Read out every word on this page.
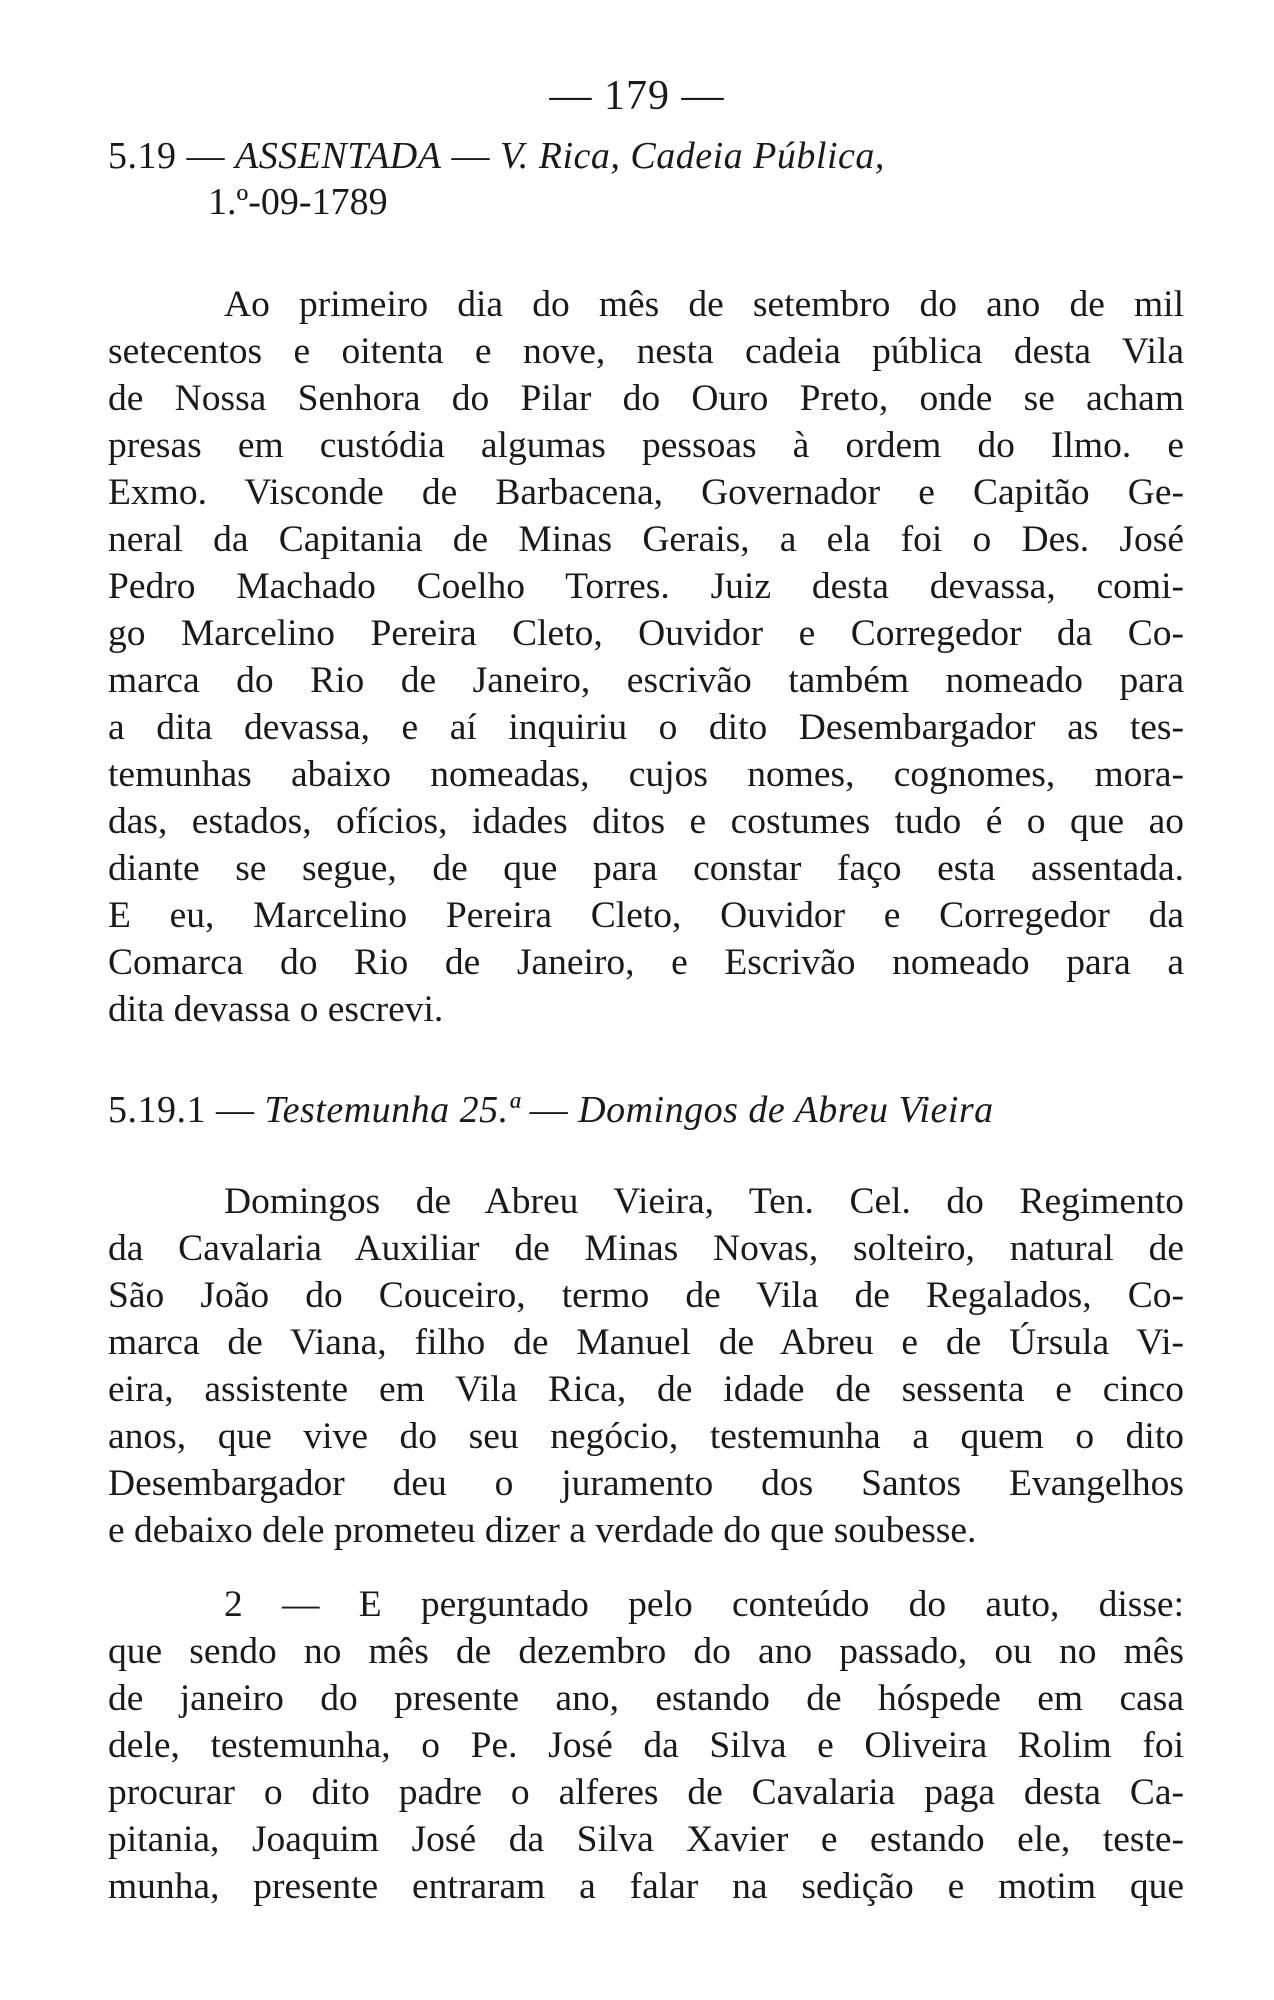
— 179 —
5.19 — ASSENTADA — V. Rica, Cadeia Pública,
1.º-09-1789
Ao primeiro dia do mês de setembro do ano de mil
setecentos e oitenta e nove, nesta cadeia pública desta Vila
de Nossa Senhora do Pilar do Ouro Preto, onde se acham
presas em custódia algumas pessoas à ordem do Ilmo. e
Exmo. Visconde de Barbacena, Governador e Capitão Ge-
neral da Capitania de Minas Gerais, a ela foi o Des. José
Pedro Machado Coelho Torres. Juiz desta devassa, comi-
go Marcelino Pereira Cleto, Ouvidor e Corregedor da Co-
marca do Rio de Janeiro, escrivão também nomeado para
a dita devassa, e aí inquiriu o dito Desembargador as tes-
temunhas abaixo nomeadas, cujos nomes, cognomes, mora-
das, estados, ofícios, idades ditos e costumes tudo é o que ao
diante se segue, de que para constar faço esta assentada.
E eu, Marcelino Pereira Cleto, Ouvidor e Corregedor da
Comarca do Rio de Janeiro, e Escrivão nomeado para a
dita devassa o escrevi.
5.19.1 — Testemunha 25.ª — Domingos de Abreu Vieira
Domingos de Abreu Vieira, Ten. Cel. do Regimento
da Cavalaria Auxiliar de Minas Novas, solteiro, natural de
São João do Couceiro, termo de Vila de Regalados, Co-
marca de Viana, filho de Manuel de Abreu e de Úrsula Vi-
eira, assistente em Vila Rica, de idade de sessenta e cinco
anos, que vive do seu negócio, testemunha a quem o dito
Desembargador deu o juramento dos Santos Evangelhos
e debaixo dele prometeu dizer a verdade do que soubesse.
2 — E perguntado pelo conteúdo do auto, disse:
que sendo no mês de dezembro do ano passado, ou no mês
de janeiro do presente ano, estando de hóspede em casa
dele, testemunha, o Pe. José da Silva e Oliveira Rolim foi
procurar o dito padre o alferes de Cavalaria paga desta Ca-
pitania, Joaquim José da Silva Xavier e estando ele, teste-
munha, presente entraram a falar na sedição e motim que
